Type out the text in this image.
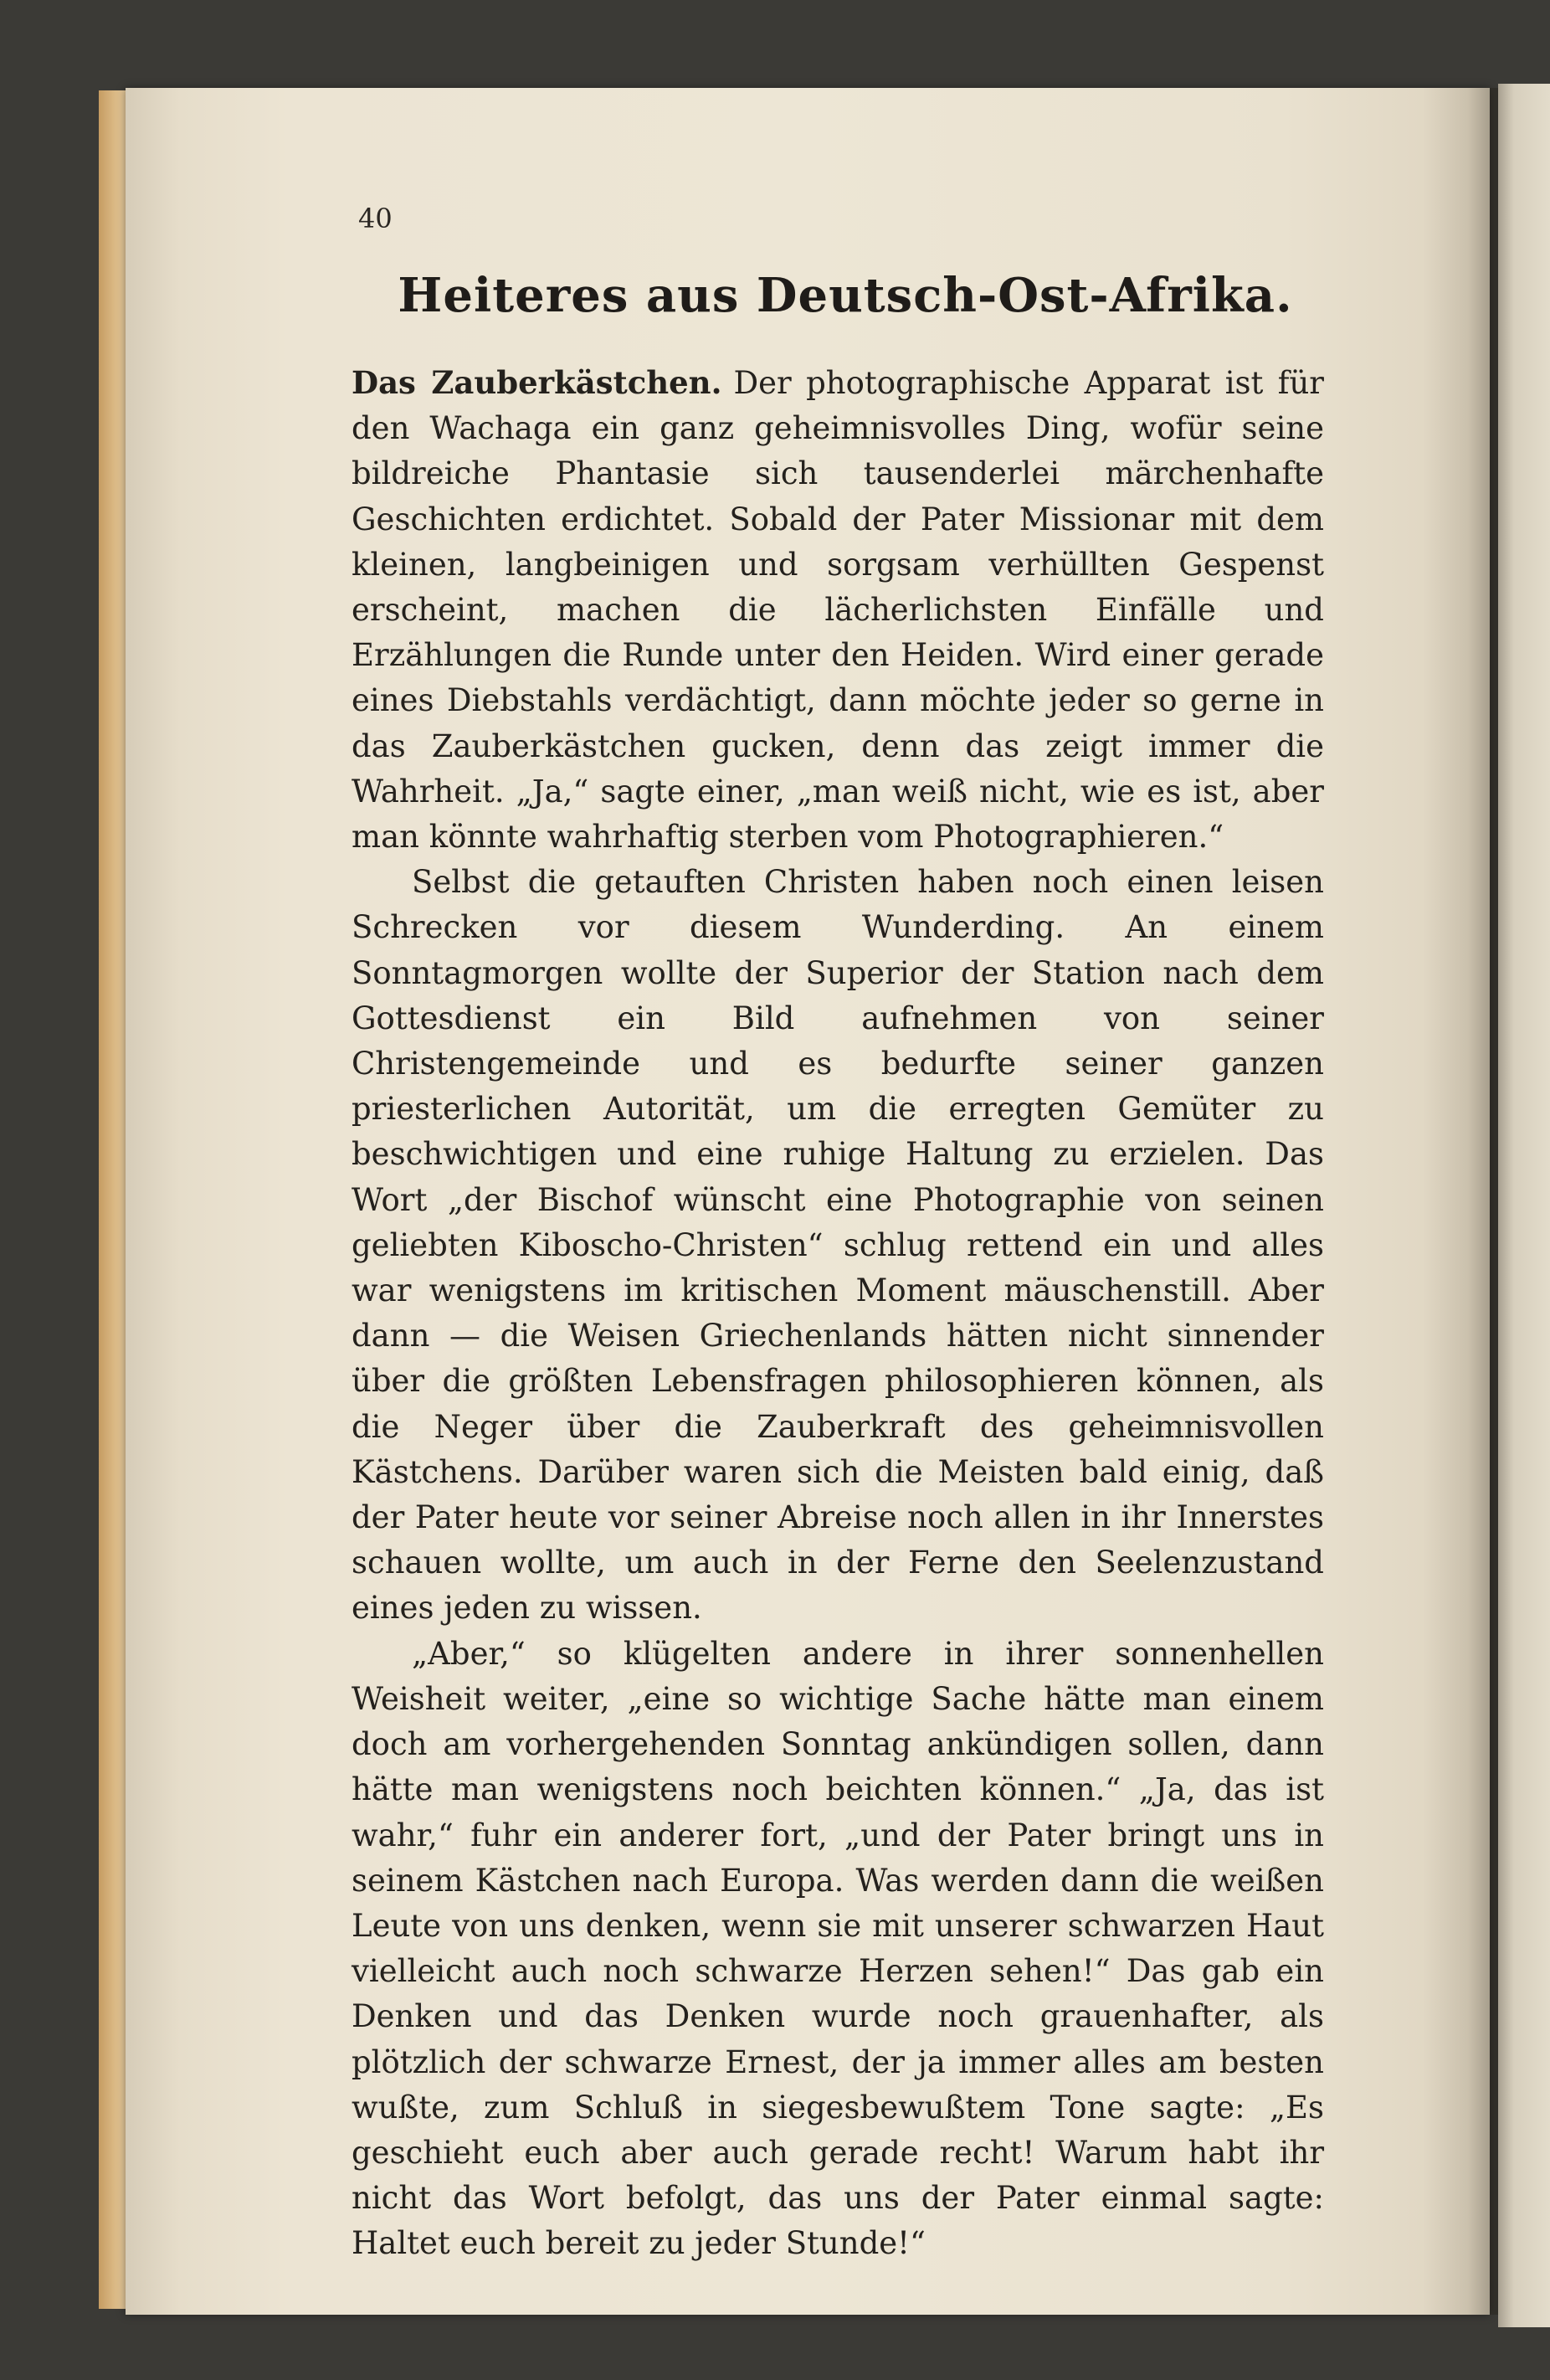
40
Heiteres aus Deutsch-Ost-Afrika.

Das Zauberkästchen. Der photographische Apparat ist für den Wachaga ein ganz geheimnisvolles Ding, wofür seine bildreiche Phantasie sich tausenderlei märchenhafte Geschichten erdichtet. Sobald der Pater Missionar mit dem kleinen, langbeinigen und sorgsam verhüllten Gespenst erscheint, machen die lächerlichsten Einfälle und Erzählungen die Runde unter den Heiden. Wird einer gerade eines Diebstahls verdächtigt, dann möchte jeder so gerne in das Zauberkästchen gucken, denn das zeigt immer die Wahrheit. „Ja,“ sagte einer, „man weiß nicht, wie es ist, aber man könnte wahrhaftig sterben vom Photographieren.“

Selbst die getauften Christen haben noch einen leisen Schrecken vor diesem Wunderding. An einem Sonntagmorgen wollte der Superior der Station nach dem Gottesdienst ein Bild aufnehmen von seiner Christengemeinde und es bedurfte seiner ganzen priesterlichen Autorität, um die erregten Gemüter zu beschwichtigen und eine ruhige Haltung zu erzielen. Das Wort „der Bischof wünscht eine Photographie von seinen geliebten Kiboscho-Christen“ schlug rettend ein und alles war wenigstens im kritischen Moment mäuschenstill. Aber dann — die Weisen Griechenlands hätten nicht sinnender über die größten Lebensfragen philosophieren können, als die Neger über die Zauberkraft des geheimnisvollen Kästchens. Darüber waren sich die Meisten bald einig, daß der Pater heute vor seiner Abreise noch allen in ihr Innerstes schauen wollte, um auch in der Ferne den Seelenzustand eines jeden zu wissen.

„Aber,“ so klügelten andere in ihrer sonnenhellen Weisheit weiter, „eine so wichtige Sache hätte man einem doch am vorhergehenden Sonntag ankündigen sollen, dann hätte man wenigstens noch beichten können.“ „Ja, das ist wahr,“ fuhr ein anderer fort, „und der Pater bringt uns in seinem Kästchen nach Europa. Was werden dann die weißen Leute von uns denken, wenn sie mit unserer schwarzen Haut vielleicht auch noch schwarze Herzen sehen!“ Das gab ein Denken und das Denken wurde noch grauenhafter, als plötzlich der schwarze Ernest, der ja immer alles am besten wußte, zum Schluß in siegesbewußtem Tone sagte: „Es geschieht euch aber auch gerade recht! Warum habt ihr nicht das Wort befolgt, das uns der Pater einmal sagte: Haltet euch bereit zu jeder Stunde!“
